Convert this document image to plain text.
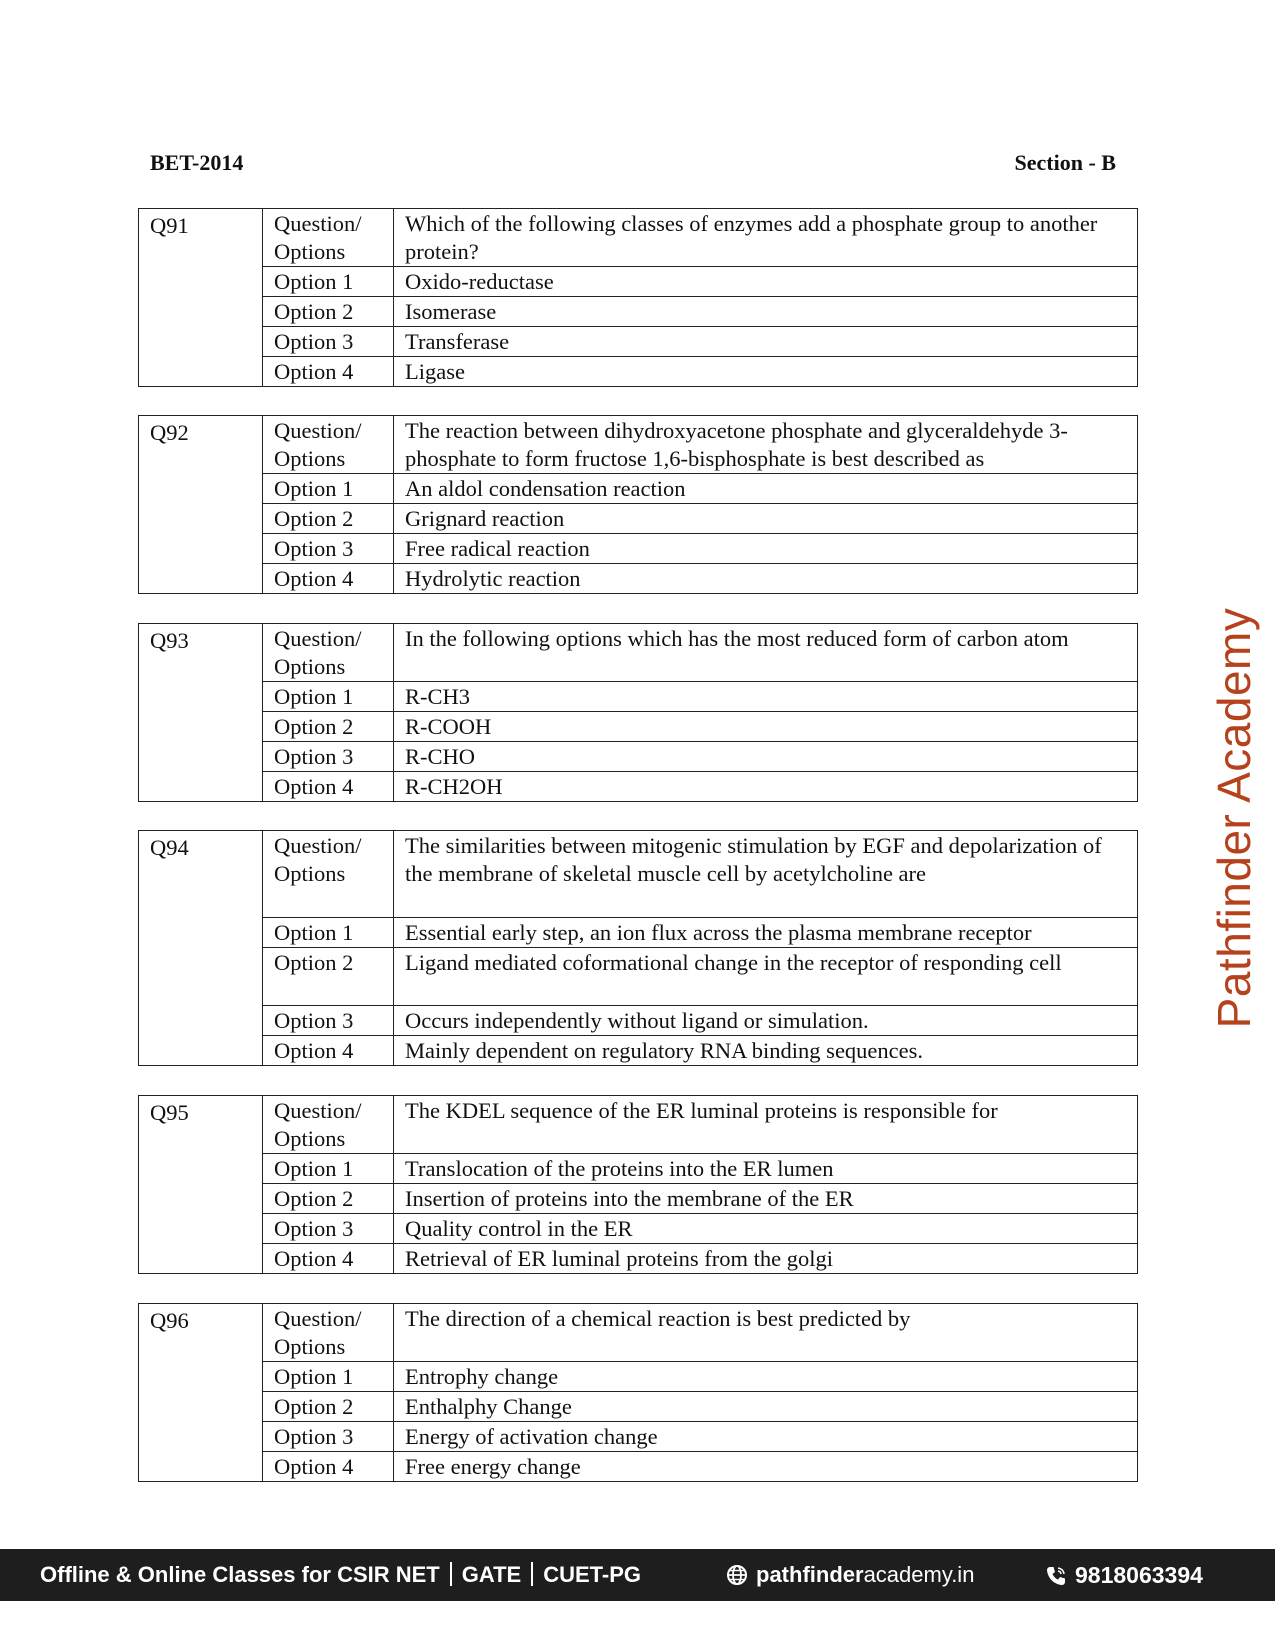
BET-2014	Section - B
Q91	Question/ Options	Which of the following classes of enzymes add a phosphate group to another protein?
	Option 1	Oxido-reductase
	Option 2	Isomerase
	Option 3	Transferase
	Option 4	Ligase
Q92	Question/ Options	The reaction between dihydroxyacetone phosphate and glyceraldehyde 3-phosphate to form fructose 1,6-bisphosphate is best described as
	Option 1	An aldol condensation reaction
	Option 2	Grignard reaction
	Option 3	Free radical reaction
	Option 4	Hydrolytic reaction
Q93	Question/ Options	In the following options which has the most reduced form of carbon atom
	Option 1	R-CH3
	Option 2	R-COOH
	Option 3	R-CHO
	Option 4	R-CH2OH
Q94	Question/ Options	The similarities between mitogenic stimulation by EGF and depolarization of the membrane of skeletal muscle cell by acetylcholine are
	Option 1	Essential early step, an ion flux across the plasma membrane receptor
	Option 2	Ligand mediated coformational change in the receptor of responding cell
	Option 3	Occurs independently without ligand or simulation.
	Option 4	Mainly dependent on regulatory RNA binding sequences.
Q95	Question/ Options	The KDEL sequence of the ER luminal proteins is responsible for
	Option 1	Translocation of the proteins into the ER lumen
	Option 2	Insertion of proteins into the membrane of the ER
	Option 3	Quality control in the ER
	Option 4	Retrieval of ER luminal proteins from the golgi
Q96	Question/ Options	The direction of a chemical reaction is best predicted by
	Option 1	Entrophy change
	Option 2	Enthalphy Change
	Option 3	Energy of activation change
	Option 4	Free energy change
Pathfinder Academy
Offline & Online Classes for CSIR NET GATE CUET-PG	pathfinderacademy.in	9818063394
